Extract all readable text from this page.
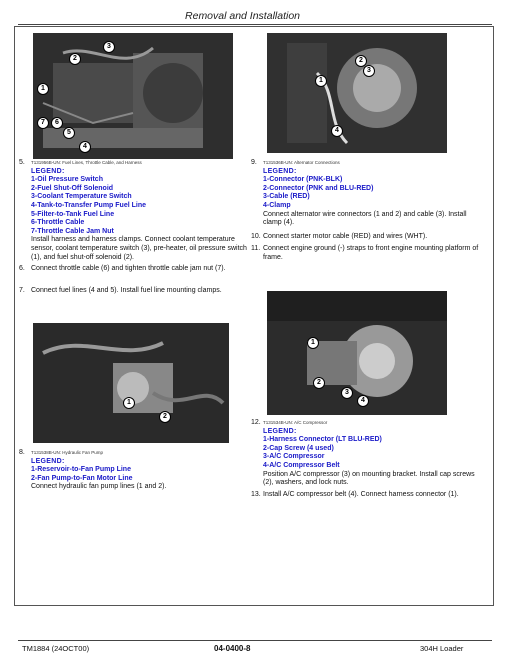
Removal and Installation
1
2
3
4
5
6
7
1
2
3
4
5. T131956B-UN: Fuel Lines, Throttle Cable, and Harness
LEGEND:
1-Oil Pressure Switch
2-Fuel Shut-Off Solenoid
3-Coolant Temperature Switch
4-Tank-to-Transfer Pump Fuel Line
5-Filter-to-Tank Fuel Line
6-Throttle Cable
7-Throttle Cable Jam Nut
Install harness and harness clamps. Connect coolant temperature sensor, coolant temperature switch (3), pre-heater, oil pressure switch (1), and fuel shut-off solenoid (2).
6. Connect throttle cable (6) and tighten throttle cable jam nut (7).
7. Connect fuel lines (4 and 5). Install fuel line mounting clamps.
9. T131536B-UN: Alternator Connections
LEGEND:
1-Connector (PNK-BLK)
2-Connector (PNK and BLU-RED)
3-Cable (RED)
4-Clamp
Connect alternator wire connectors (1 and 2) and cable (3). Install clamp (4).
10. Connect starter motor cable (RED) and wires (WHT).
11. Connect engine ground (-) straps to front engine mounting platform of frame.
1
2
1
2
3
4
8. T131538B-UN: Hydraulic Fan Pump
LEGEND:
1-Reservoir-to-Fan Pump Line
2-Fan Pump-to-Fan Motor Line
Connect hydraulic fan pump lines (1 and 2).
12. T131534B-UN: A/C Compressor
LEGEND:
1-Harness Connector (LT BLU-RED)
2-Cap Screw (4 used)
3-A/C Compressor
4-A/C Compressor Belt
Position A/C compressor (3) on mounting bracket. Install cap screws (2), washers, and lock nuts.
13. Install A/C compressor belt (4). Connect harness connector (1).
TM1884 (24OCT00)	04-0400-8	304H Loader
